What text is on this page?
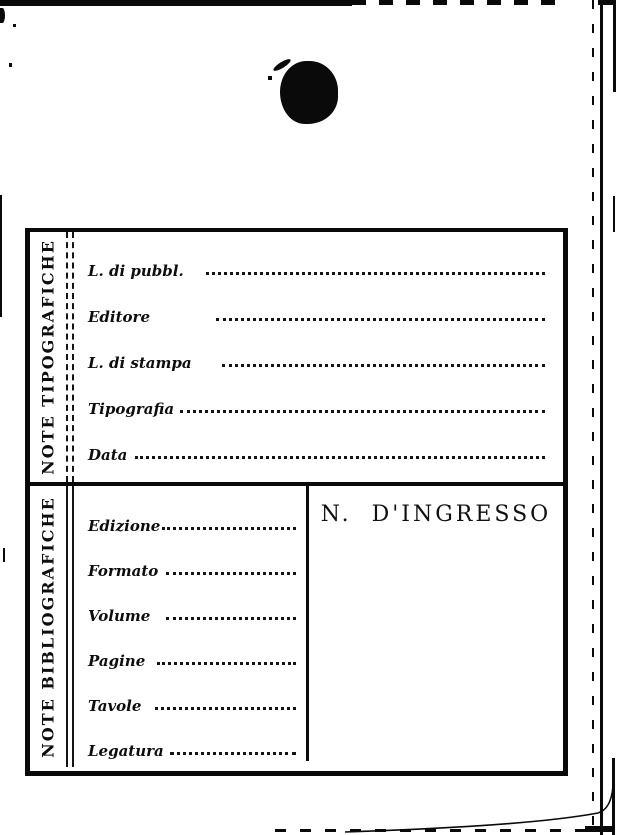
NOTE TIPOGRAFICHE L. di pubbl.
Editore
L. di stampa
Tipografia
Data
NOTE BIBLIOGRAFICHE Edizione
Formato
Volume
Pagine
Tavole
Legatura
N. D'INGRESSO
